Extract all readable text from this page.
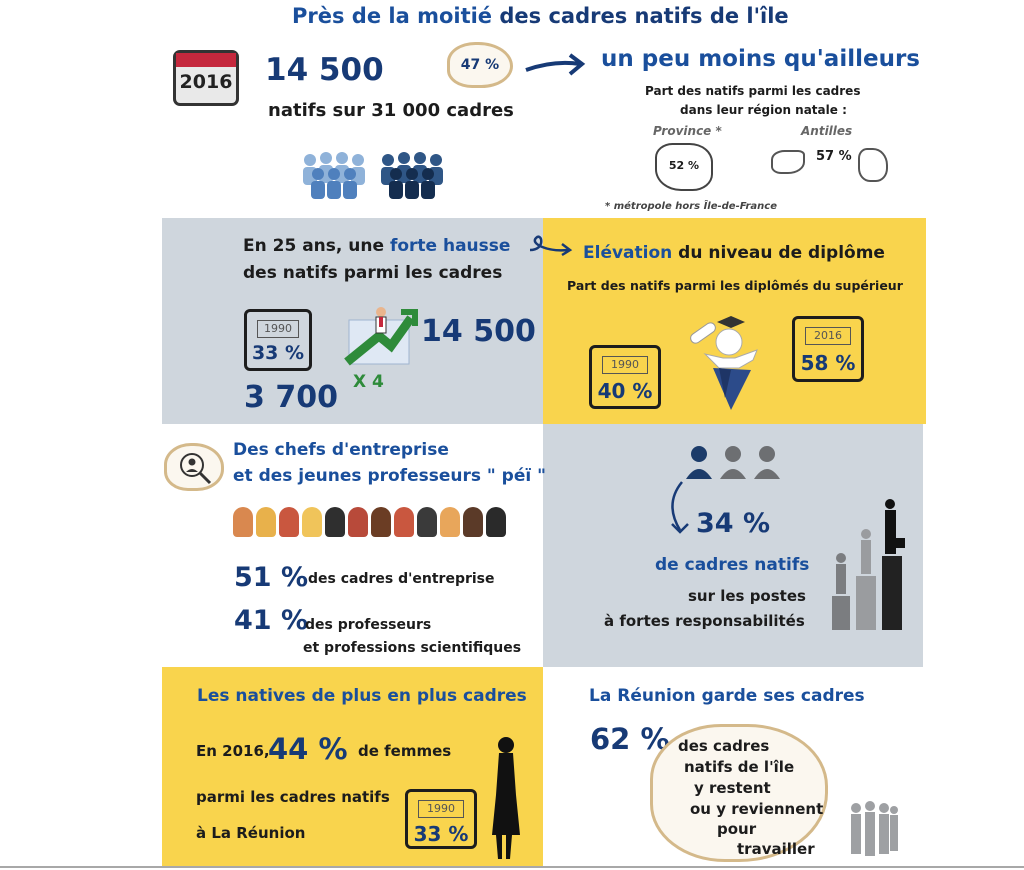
Près de la moitié des cadres natifs de l'île
2016 14 500
natifs sur 31 000 cadres
47 %	un peu moins qu'ailleurs
Part des natifs parmi les cadres
dans leur région natale :
Province *
52 %
Antilles
57 %
* métropole hors Île-de-France
En 25 ans, une forte hausse
des natifs parmi les cadres
1990
33 %
3 700 X 4
14 500
Elévation du niveau de diplôme
Part des natifs parmi les diplômés du supérieur
1990
40 %
2016
58 %
Des chefs d'entreprise
et des jeunes professeurs " péï "
51 % des cadres d'entreprise
41 %
des professeurs
et professions scientifiques
34 %
de cadres natifs
sur les postes
à fortes responsabilités
Les natives de plus en plus cadres
En 2016,
44 % de femmes
parmi les cadres natifs
à La Réunion
1990
33 %
La Réunion garde ses cadres
62 % des cadres
natifs de l'île
y restent
ou y reviennent
pour
travailler
